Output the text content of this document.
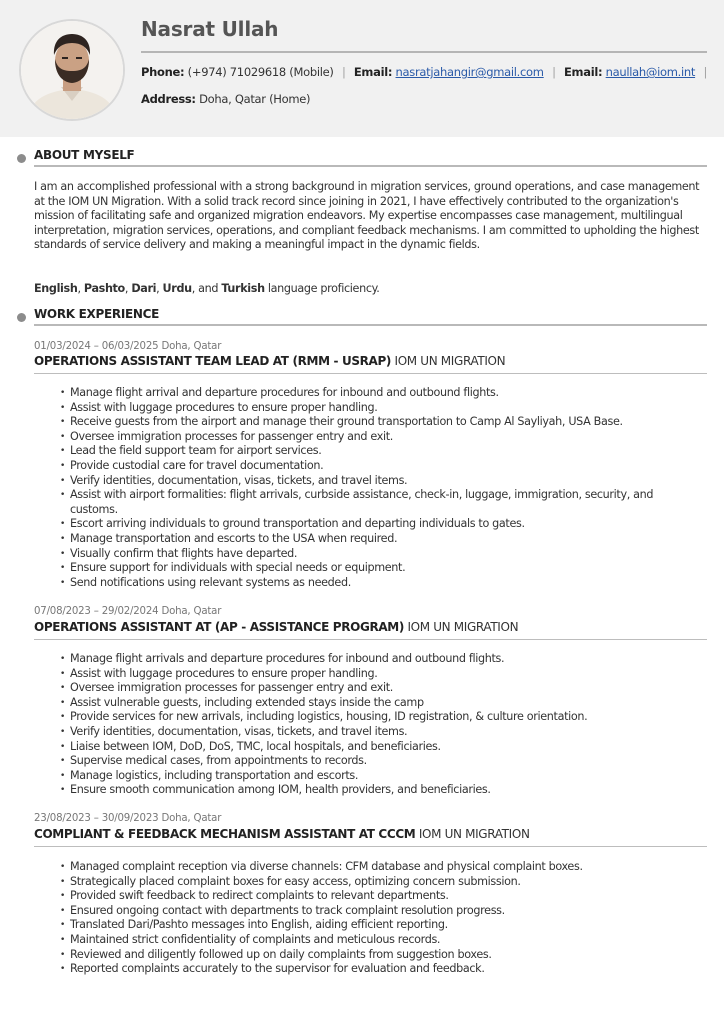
Nasrat Ullah
Phone: (+974) 71029618 (Mobile) | Email: nasratjahangir@gmail.com | Email: naullah@iom.int |
Address: Doha, Qatar (Home)
ABOUT MYSELF
I am an accomplished professional with a strong background in migration services, ground operations, and case management at the IOM UN Migration. With a solid track record since joining in 2021, I have effectively contributed to the organization's mission of facilitating safe and organized migration endeavors. My expertise encompasses case management, multilingual interpretation, migration services, operations, and compliant feedback mechanisms. I am committed to upholding the highest standards of service delivery and making a meaningful impact in the dynamic fields.
English, Pashto, Dari, Urdu, and Turkish language proficiency.
WORK EXPERIENCE
01/03/2024 – 06/03/2025 Doha, Qatar
OPERATIONS ASSISTANT TEAM LEAD AT (RMM - USRAP) IOM UN MIGRATION
• Manage flight arrival and departure procedures for inbound and outbound flights.
• Assist with luggage procedures to ensure proper handling.
• Receive guests from the airport and manage their ground transportation to Camp Al Sayliyah, USA Base.
• Oversee immigration processes for passenger entry and exit.
• Lead the field support team for airport services.
• Provide custodial care for travel documentation.
• Verify identities, documentation, visas, tickets, and travel items.
• Assist with airport formalities: flight arrivals, curbside assistance, check-in, luggage, immigration, security, and customs.
• Escort arriving individuals to ground transportation and departing individuals to gates.
• Manage transportation and escorts to the USA when required.
• Visually confirm that flights have departed.
• Ensure support for individuals with special needs or equipment.
• Send notifications using relevant systems as needed.
07/08/2023 – 29/02/2024 Doha, Qatar
OPERATIONS ASSISTANT AT (AP - ASSISTANCE PROGRAM) IOM UN MIGRATION
• Manage flight arrivals and departure procedures for inbound and outbound flights.
• Assist with luggage procedures to ensure proper handling.
• Oversee immigration processes for passenger entry and exit.
• Assist vulnerable guests, including extended stays inside the camp
• Provide services for new arrivals, including logistics, housing, ID registration, & culture orientation.
• Verify identities, documentation, visas, tickets, and travel items.
• Liaise between IOM, DoD, DoS, TMC, local hospitals, and beneficiaries.
• Supervise medical cases, from appointments to records.
• Manage logistics, including transportation and escorts.
• Ensure smooth communication among IOM, health providers, and beneficiaries.
23/08/2023 – 30/09/2023 Doha, Qatar
COMPLIANT & FEEDBACK MECHANISM ASSISTANT AT CCCM IOM UN MIGRATION
• Managed complaint reception via diverse channels: CFM database and physical complaint boxes.
• Strategically placed complaint boxes for easy access, optimizing concern submission.
• Provided swift feedback to redirect complaints to relevant departments.
• Ensured ongoing contact with departments to track complaint resolution progress.
• Translated Dari/Pashto messages into English, aiding efficient reporting.
• Maintained strict confidentiality of complaints and meticulous records.
• Reviewed and diligently followed up on daily complaints from suggestion boxes.
• Reported complaints accurately to the supervisor for evaluation and feedback.
